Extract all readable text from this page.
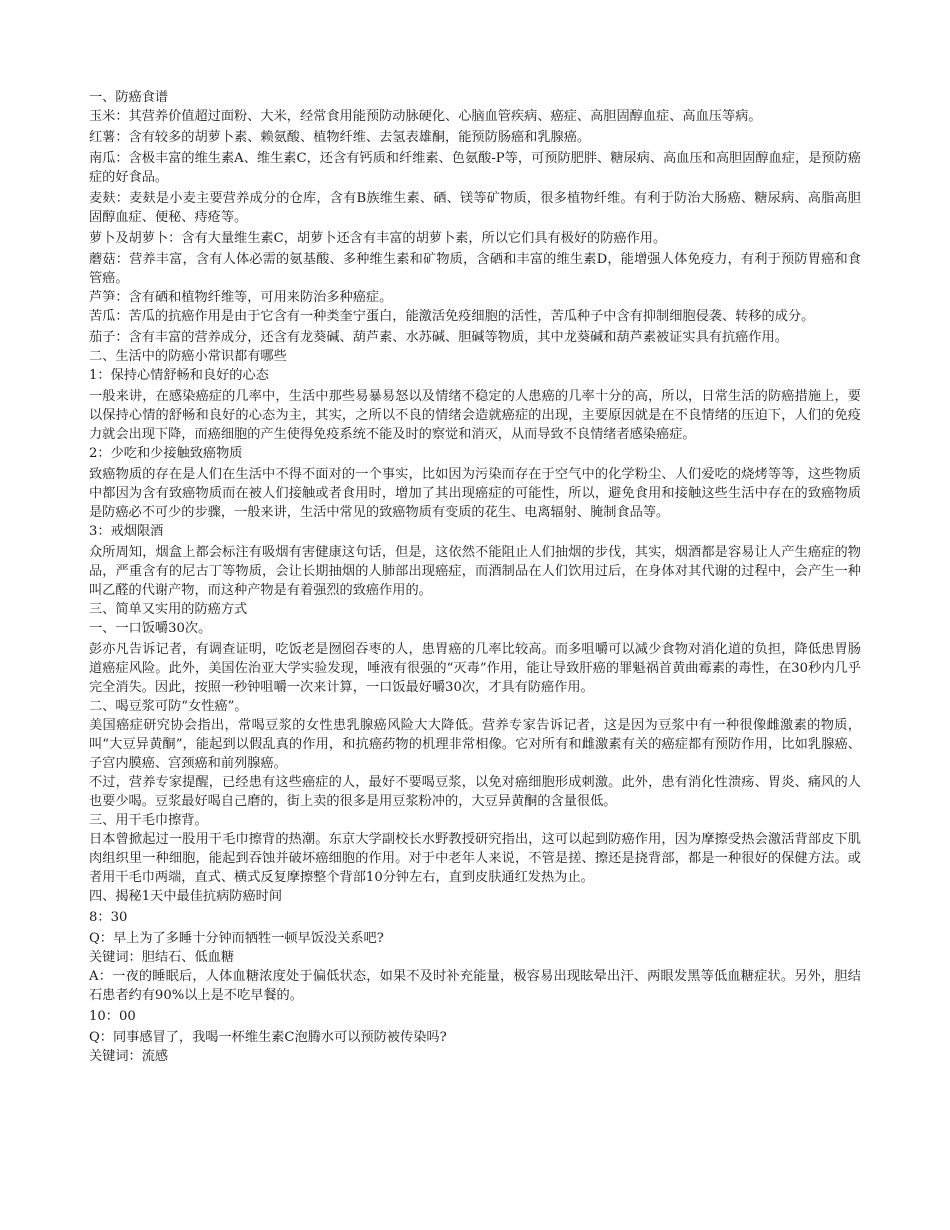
一、防癌食谱

玉米：其营养价值超过面粉、大米，经常食用能预防动脉硬化、心脑血管疾病、癌症、高胆固醇血症、高血压等病。

红薯：含有较多的胡萝卜素、赖氨酸、植物纤维、去氢表雄酮，能预防肠癌和乳腺癌。

南瓜：含极丰富的维生素A、维生素C，还含有钙质和纤维素、色氨酸-P等，可预防肥胖、糖尿病、高血压和高胆固醇血症，是预防癌症的好食品。

麦麸：麦麸是小麦主要营养成分的仓库，含有B族维生素、硒、镁等矿物质，很多植物纤维。有利于防治大肠癌、糖尿病、高脂高胆固醇血症、便秘、痔疮等。

萝卜及胡萝卜：含有大量维生素C，胡萝卜还含有丰富的胡萝卜素，所以它们具有极好的防癌作用。

蘑菇：营养丰富，含有人体必需的氨基酸、多种维生素和矿物质，含硒和丰富的维生素D，能增强人体免疫力，有利于预防胃癌和食管癌。

芦笋：含有硒和植物纤维等，可用来防治多种癌症。

苦瓜：苦瓜的抗癌作用是由于它含有一种类奎宁蛋白，能激活免疫细胞的活性，苦瓜种子中含有抑制细胞侵袭、转移的成分。

茄子：含有丰富的营养成分，还含有龙葵碱、葫芦素、水苏碱、胆碱等物质，其中龙葵碱和葫芦素被证实具有抗癌作用。

二、生活中的防癌小常识都有哪些

1：保持心情舒畅和良好的心态

一般来讲，在感染癌症的几率中，生活中那些易暴易怒以及情绪不稳定的人患癌的几率十分的高，所以，日常生活的防癌措施上，要以保持心情的舒畅和良好的心态为主，其实，之所以不良的情绪会造就癌症的出现，主要原因就是在不良情绪的压迫下，人们的免疫力就会出现下降，而癌细胞的产生使得免疫系统不能及时的察觉和消灭，从而导致不良情绪者感染癌症。

2：少吃和少接触致癌物质

致癌物质的存在是人们在生活中不得不面对的一个事实，比如因为污染而存在于空气中的化学粉尘、人们爱吃的烧烤等等，这些物质中都因为含有致癌物质而在被人们接触或者食用时，增加了其出现癌症的可能性，所以，避免食用和接触这些生活中存在的致癌物质是防癌必不可少的步骤，一般来讲，生活中常见的致癌物质有变质的花生、电离辐射、腌制食品等。

3：戒烟限酒

众所周知，烟盒上都会标注有吸烟有害健康这句话，但是，这依然不能阻止人们抽烟的步伐，其实，烟酒都是容易让人产生癌症的物品，严重含有的尼古丁等物质，会让长期抽烟的人肺部出现癌症，而酒制品在人们饮用过后，在身体对其代谢的过程中，会产生一种叫乙醛的代谢产物，而这种产物是有着强烈的致癌作用的。

三、简单又实用的防癌方式

一、一口饭嚼30次。

彭亦凡告诉记者，有调查证明，吃饭老是囫囵吞枣的人，患胃癌的几率比较高。而多咀嚼可以减少食物对消化道的负担，降低患胃肠道癌症风险。此外，美国佐治亚大学实验发现，唾液有很强的“灭毒”作用，能让导致肝癌的罪魁祸首黄曲霉素的毒性，在30秒内几乎完全消失。因此，按照一秒钟咀嚼一次来计算，一口饭最好嚼30次，才具有防癌作用。

二、喝豆浆可防“女性癌”。

美国癌症研究协会指出，常喝豆浆的女性患乳腺癌风险大大降低。营养专家告诉记者，这是因为豆浆中有一种很像雌激素的物质，叫“大豆异黄酮”，能起到以假乱真的作用，和抗癌药物的机理非常相像。它对所有和雌激素有关的癌症都有预防作用，比如乳腺癌、子宫内膜癌、宫颈癌和前列腺癌。

不过，营养专家提醒，已经患有这些癌症的人，最好不要喝豆浆，以免对癌细胞形成刺激。此外，患有消化性溃疡、胃炎、痛风的人也要少喝。豆浆最好喝自己磨的，街上卖的很多是用豆浆粉冲的，大豆异黄酮的含量很低。

三、用干毛巾擦背。

日本曾掀起过一股用干毛巾擦背的热潮。东京大学副校长水野教授研究指出，这可以起到防癌作用，因为摩擦受热会激活背部皮下肌肉组织里一种细胞，能起到吞蚀并破坏癌细胞的作用。对于中老年人来说，不管是搓、擦还是挠背部，都是一种很好的保健方法。或者用干毛巾两端，直式、横式反复摩擦整个背部10分钟左右，直到皮肤通红发热为止。

四、揭秘1天中最佳抗病防癌时间

8：30

Q：早上为了多睡十分钟而牺牲一顿早饭没关系吧?

关键词：胆结石、低血糖

A：一夜的睡眠后，人体血糖浓度处于偏低状态，如果不及时补充能量，极容易出现眩晕出汗、两眼发黑等低血糖症状。另外，胆结石患者约有90%以上是不吃早餐的。

10：00

Q：同事感冒了，我喝一杯维生素C泡腾水可以预防被传染吗?

关键词：流感
